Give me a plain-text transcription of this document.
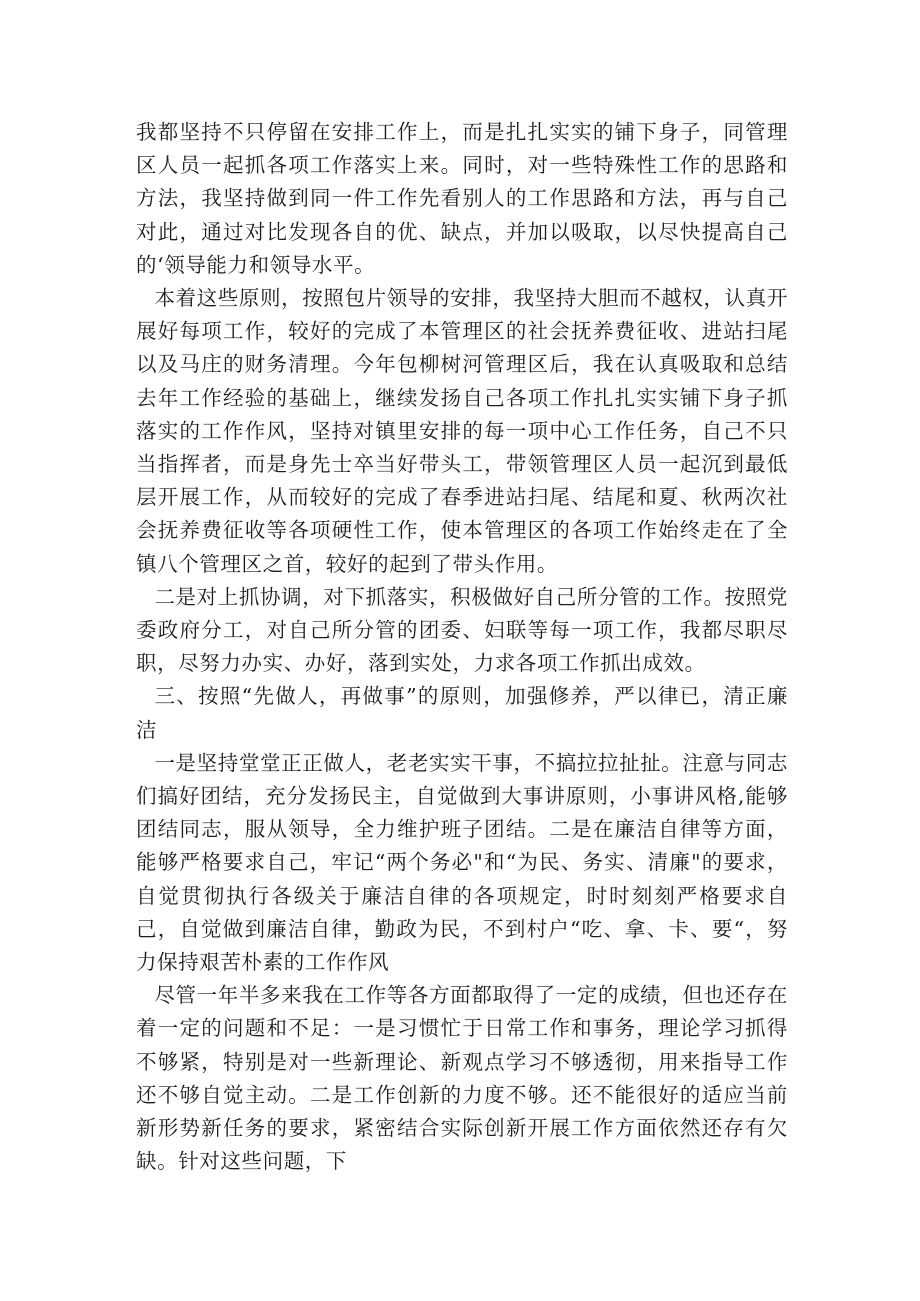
我都坚持不只停留在安排工作上，而是扎扎实实的铺下身子，同管理区人员一起抓各项工作落实上来。同时，对一些特殊性工作的思路和方法，我坚持做到同一件工作先看别人的工作思路和方法，再与自己对此，通过对比发现各自的优、缺点，并加以吸取，以尽快提高自己的‘领导能力和领导水平。

本着这些原则，按照包片领导的安排，我坚持大胆而不越权，认真开展好每项工作，较好的完成了本管理区的社会抚养费征收、进站扫尾以及马庄的财务清理。今年包柳树河管理区后，我在认真吸取和总结去年工作经验的基础上，继续发扬自己各项工作扎扎实实铺下身子抓落实的工作作风，坚持对镇里安排的每一项中心工作任务，自己不只当指挥者，而是身先士卒当好带头工，带领管理区人员一起沉到最低层开展工作，从而较好的完成了春季进站扫尾、结尾和夏、秋两次社会抚养费征收等各项硬性工作，使本管理区的各项工作始终走在了全镇八个管理区之首，较好的起到了带头作用。

二是对上抓协调，对下抓落实，积极做好自己所分管的工作。按照党委政府分工，对自己所分管的团委、妇联等每一项工作，我都尽职尽职，尽努力办实、办好，落到实处，力求各项工作抓出成效。

三、按照“先做人，再做事”的原则，加强修养，严以律已，清正廉洁

一是坚持堂堂正正做人，老老实实干事，不搞拉拉扯扯。注意与同志们搞好团结，充分发扬民主，自觉做到大事讲原则，小事讲风格,能够团结同志，服从领导，全力维护班子团结。二是在廉洁自律等方面，能够严格要求自己，牢记“两个务必"和“为民、务实、清廉"的要求，自觉贯彻执行各级关于廉洁自律的各项规定，时时刻刻严格要求自己，自觉做到廉洁自律，勤政为民，不到村户“吃、拿、卡、要“，努力保持艰苦朴素的工作作风

尽管一年半多来我在工作等各方面都取得了一定的成绩，但也还存在着一定的问题和不足：一是习惯忙于日常工作和事务，理论学习抓得不够紧，特别是对一些新理论、新观点学习不够透彻，用来指导工作还不够自觉主动。二是工作创新的力度不够。还不能很好的适应当前新形势新任务的要求，紧密结合实际创新开展工作方面依然还存有欠缺。针对这些问题，下
